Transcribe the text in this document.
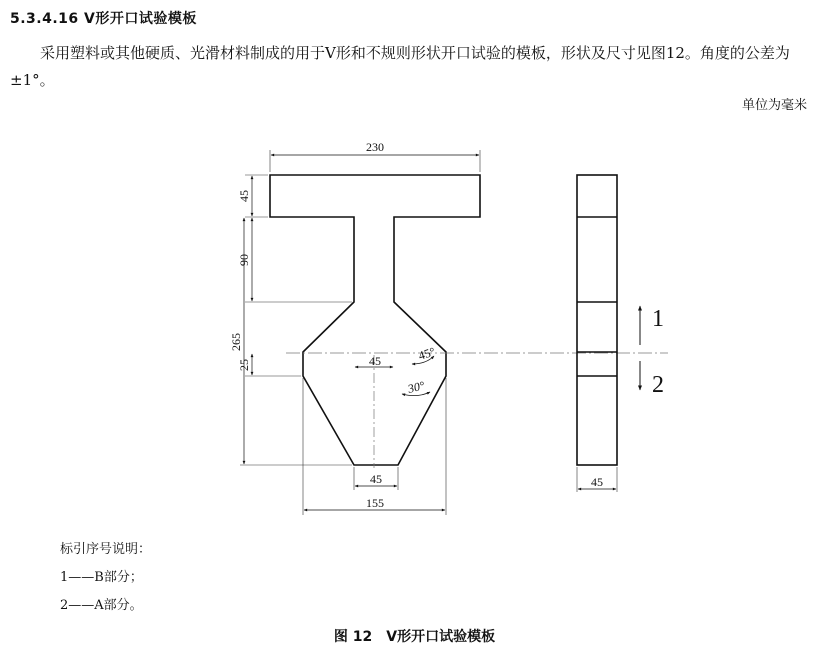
5.3.4.16 V形开口试验模板
采用塑料或其他硬质、光滑材料制成的用于V形和不规则形状开口试验的模板，形状及尺寸见图12。角度的公差为±1°。
单位为毫米
230
45
90
265
25	45	45°
30°
45
155
45
1
2
标引序号说明：
1——B部分；
2——A部分。
图 12　V形开口试验模板
